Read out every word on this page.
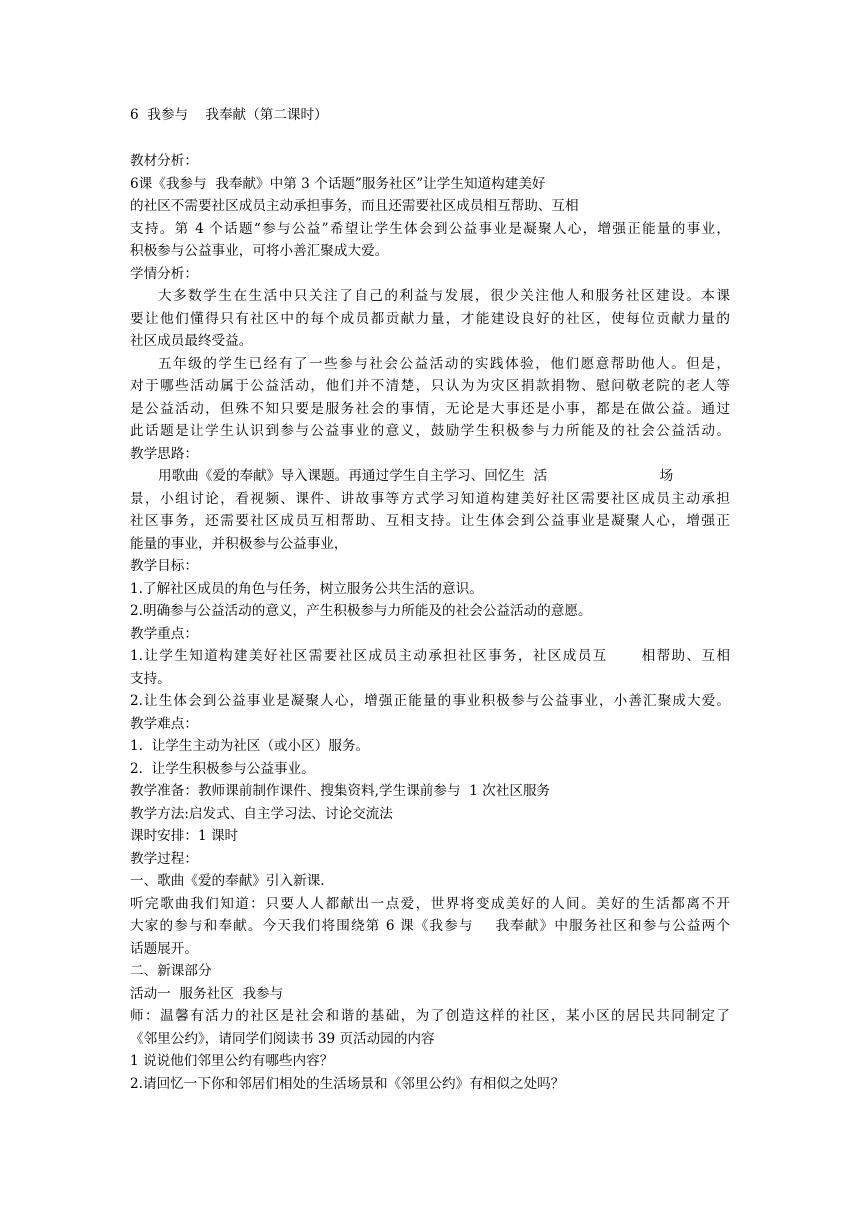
6  我参与    我奉献（第二课时）
教材分析：
6课《我参与  我奉献》中第 3 个话题”服务社区”让学生知道构建美好
的社区不需要社区成员主动承担事务，而且还需要社区成员相互帮助、互相
支持。第 4 个话题“参与公益”希望让学生体会到公益事业是凝聚人心，增强正能量的事业，
积极参与公益事业，可将小善汇聚成大爱。
学情分析：
大多数学生在生活中只关注了自己的利益与发展，很少关注他人和服务社区建设。本课
要让他们懂得只有社区中的每个成员都贡献力量，才能建设良好的社区，使每位贡献力量的
社区成员最终受益。
五年级的学生已经有了一些参与社会公益活动的实践体验，他们愿意帮助他人。但是，
对于哪些活动属于公益活动，他们并不清楚，只认为为灾区捐款捐物、慰问敬老院的老人等
是公益活动，但殊不知只要是服务社会的事情，无论是大事还是小事，都是在做公益。通过
此话题是让学生认识到参与公益事业的意义，鼓励学生积极参与力所能及的社会公益活动。
教学思路：
用歌曲《爱的奉献》导入课题。再通过学生自主学习、回忆生  活                          场
景，小组讨论，看视频、课件、讲故事等方式学习知道构建美好社区需要社区成员主动承担
社区事务，还需要社区成员互相帮助、互相支持。让生体会到公益事业是凝聚人心，增强正
能量的事业，并积极参与公益事业，
教学目标：
1.了解社区成员的角色与任务，树立服务公共生活的意识。
2.明确参与公益活动的意义，产生积极参与力所能及的社会公益活动的意愿。
教学重点：
1.让学生知道构建美好社区需要社区成员主动承担社区事务，社区成员互      相帮助、互相
支持。
2.让生体会到公益事业是凝聚人心，增强正能量的事业积极参与公益事业，小善汇聚成大爱。
教学难点：
1.  让学生主动为社区（或小区）服务。
2.  让学生积极参与公益事业。
教学准备：教师课前制作课件、搜集资料,学生课前参与  1 次社区服务
教学方法:启发式、自主学习法、讨论交流法
课时安排：1 课时
教学过程：
一、歌曲《爱的奉献》引入新课.
听完歌曲我们知道：只要人人都献出一点爱，世界将变成美好的人间。美好的生活都离不开
大家的参与和奉献。今天我们将围绕第 6 课《我参与    我奉献》中服务社区和参与公益两个
话题展开。
二、新课部分
活动一  服务社区  我参与
师：温馨有活力的社区是社会和谐的基础，为了创造这样的社区，某小区的居民共同制定了
《邻里公约》，请同学们阅读书 39 页活动园的内容
1 说说他们邻里公约有哪些内容？
2.请回忆一下你和邻居们相处的生活场景和《邻里公约》有相似之处吗？
